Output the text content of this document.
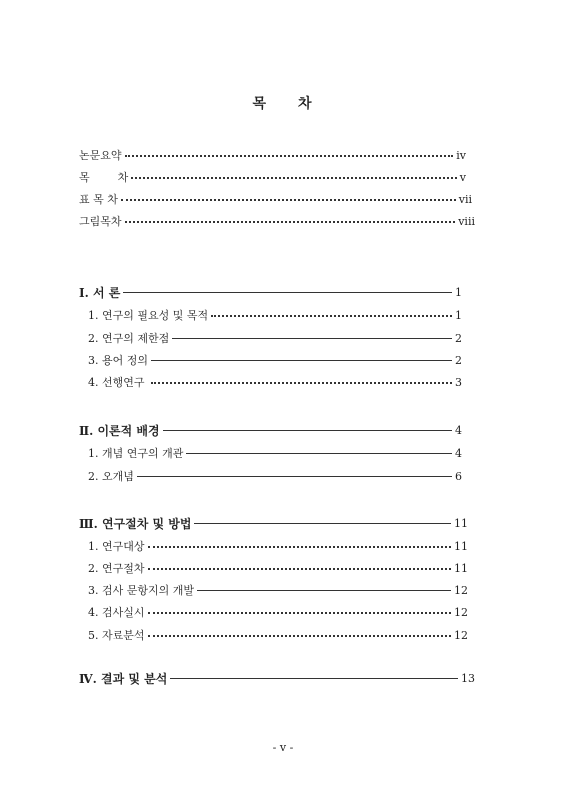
목 차
논문요약	iv
목        차	v
표 목 차	vii
그림목차	viii
Ⅰ. 서 론	1
1. 연구의 필요성 및 목적	1
2. 연구의 제한점	2
3. 용어 정의	2
4. 선행연구	3
Ⅱ. 이론적 배경	4
1. 개념 연구의 개관	4
2. 오개념	6
Ⅲ. 연구절차 및 방법	11
1. 연구대상	11
2. 연구절차	11
3. 검사 문항지의 개발	12
4. 검사실시	12
5. 자료분석	12
Ⅳ. 결과 및 분석	13
- v -
